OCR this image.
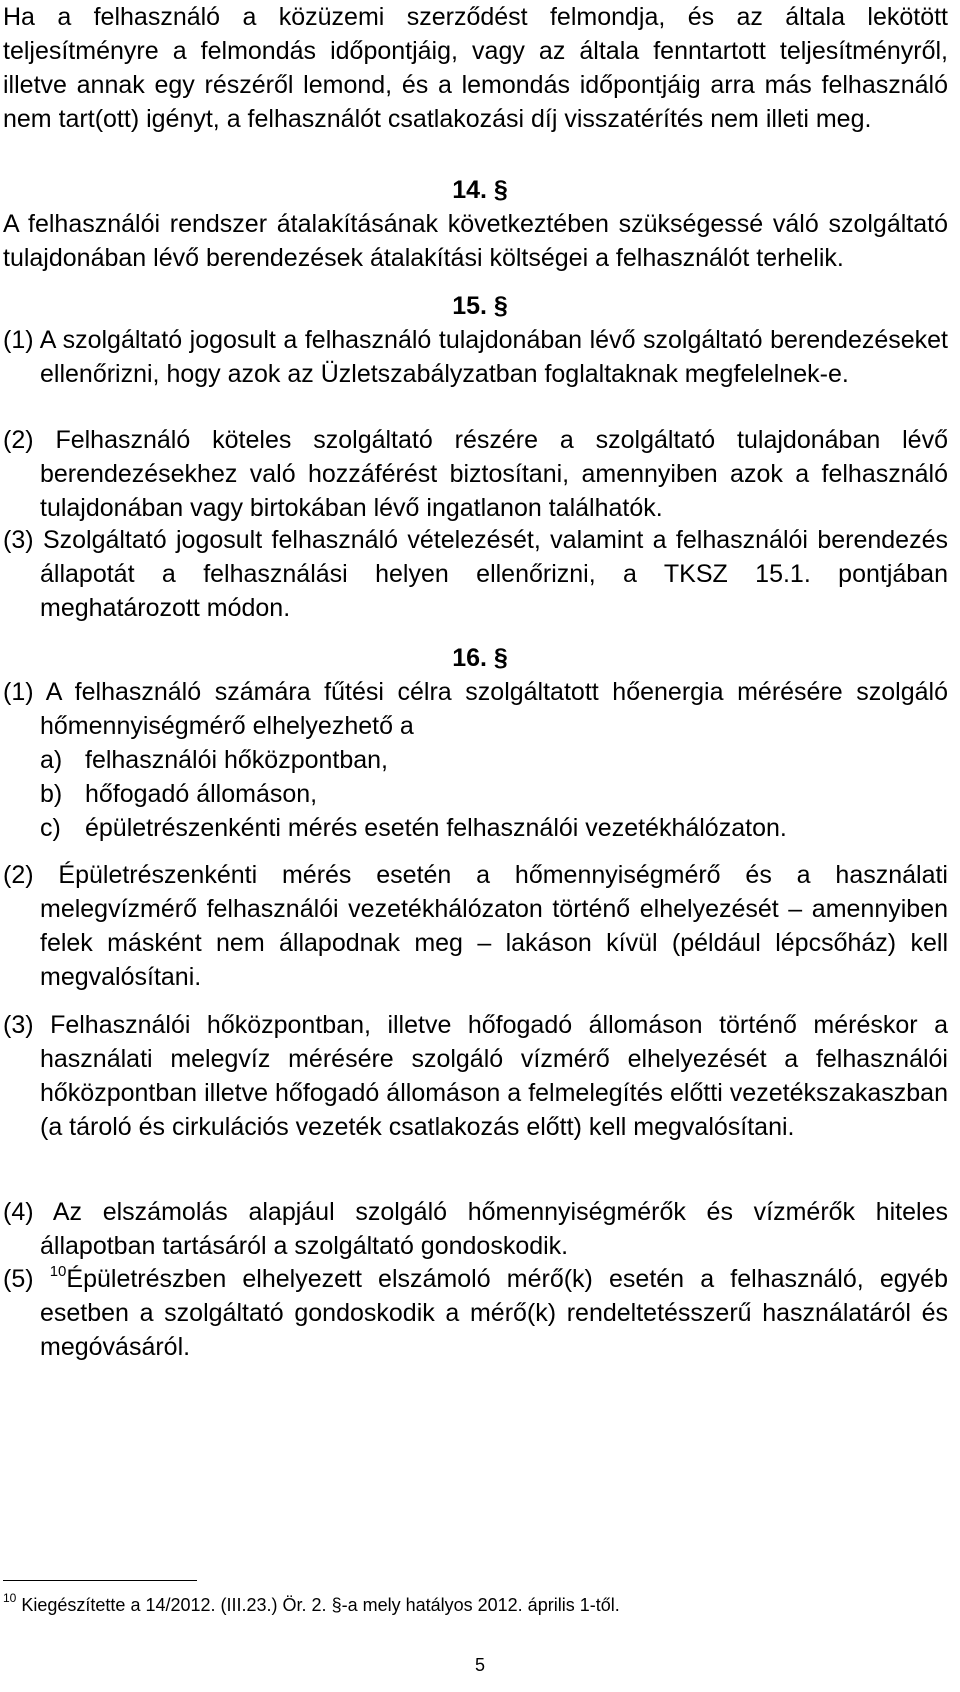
Ha a felhasználó a közüzemi szerződést felmondja, és az általa lekötött teljesítményre a felmondás időpontjáig, vagy az általa fenntartott teljesítményről, illetve annak egy részéről lemond, és a lemondás időpontjáig arra más felhasználó nem tart(ott) igényt, a felhasználót csatlakozási díj visszatérítés nem illeti meg.

14. §

A felhasználói rendszer átalakításának következtében szükségessé váló szolgáltató tulajdonában lévő berendezések átalakítási költségei a felhasználót terhelik.

15. §

(1) A szolgáltató jogosult a felhasználó tulajdonában lévő szolgáltató berendezéseket ellenőrizni, hogy azok az Üzletszabályzatban foglaltaknak megfelelnek-e.

(2) Felhasználó köteles szolgáltató részére a szolgáltató tulajdonában lévő berendezésekhez való hozzáférést biztosítani, amennyiben azok a felhasználó tulajdonában vagy birtokában lévő ingatlanon találhatók.

(3) Szolgáltató jogosult felhasználó vételezését, valamint a felhasználói berendezés állapotát a felhasználási helyen ellenőrizni, a TKSZ 15.1. pontjában meghatározott módon.

16. §

(1) A felhasználó számára fűtési célra szolgáltatott hőenergia mérésére szolgáló hőmennyiségmérő elhelyezhető a

a) felhasználói hőközpontban,

b) hőfogadó állomáson,

c) épületrészenkénti mérés esetén felhasználói vezetékhálózaton.

(2) Épületrészenkénti mérés esetén a hőmennyiségmérő és a használati melegvízmérő felhasználói vezetékhálózaton történő elhelyezését – amennyiben felek másként nem állapodnak meg – lakáson kívül (például lépcsőház) kell megvalósítani.

(3) Felhasználói hőközpontban, illetve hőfogadó állomáson történő méréskor a használati melegvíz mérésére szolgáló vízmérő elhelyezését a felhasználói hőközpontban illetve hőfogadó állomáson a felmelegítés előtti vezetékszakaszban (a tároló és cirkulációs vezeték csatlakozás előtt) kell megvalósítani.

(4) Az elszámolás alapjául szolgáló hőmennyiségmérők és vízmérők hiteles állapotban tartásáról a szolgáltató gondoskodik.

(5) $^{10}$Épületrészben elhelyezett elszámoló mérő(k) esetén a felhasználó, egyéb esetben a szolgáltató gondoskodik a mérő(k) rendeltetésszerű használatáról és megóvásáról.

$^{10}$ Kiegészítette a 14/2012. (III.23.) Ör. 2. §-a mely hatályos 2012. április 1-től.

5
